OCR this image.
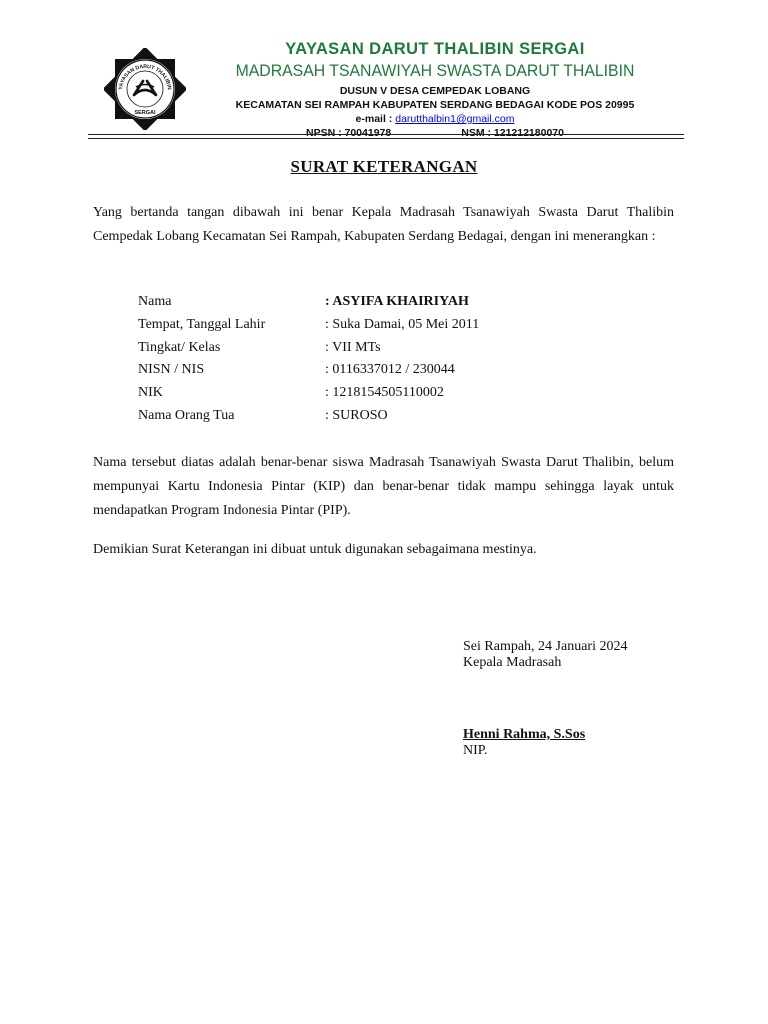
YAYASAN DARUT THALIBIN
SERGAI
YAYASAN DARUT THALIBIN SERGAI
MADRASAH TSANAWIYAH SWASTA DARUT THALIBIN
DUSUN V DESA CEMPEDAK LOBANG
KECAMATAN SEI RAMPAH KABUPATEN SERDANG BEDAGAI KODE POS 20995
e-mail : darutthalbin1@gmail.com
NPSN : 70041978	NSM : 121212180070
SURAT KETERANGAN
Yang bertanda tangan dibawah ini benar Kepala Madrasah Tsanawiyah Swasta Darut Thalibin Cempedak Lobang Kecamatan Sei Rampah, Kabupaten Serdang Bedagai, dengan ini menerangkan :
Nama	: ASYIFA KHAIRIYAH
Tempat, Tanggal Lahir	: Suka Damai, 05 Mei 2011
Tingkat/ Kelas	: VII MTs
NISN / NIS	: 0116337012 / 230044
NIK	: 1218154505110002
Nama Orang Tua	: SUROSO
Nama tersebut diatas adalah benar-benar siswa Madrasah Tsanawiyah Swasta Darut Thalibin, belum mempunyai Kartu Indonesia Pintar (KIP) dan benar-benar tidak mampu sehingga layak untuk mendapatkan Program Indonesia Pintar (PIP).
Demikian Surat Keterangan ini dibuat untuk digunakan sebagaimana mestinya.
Sei Rampah, 24 Januari 2024
Kepala Madrasah
Henni Rahma, S.Sos
NIP.
